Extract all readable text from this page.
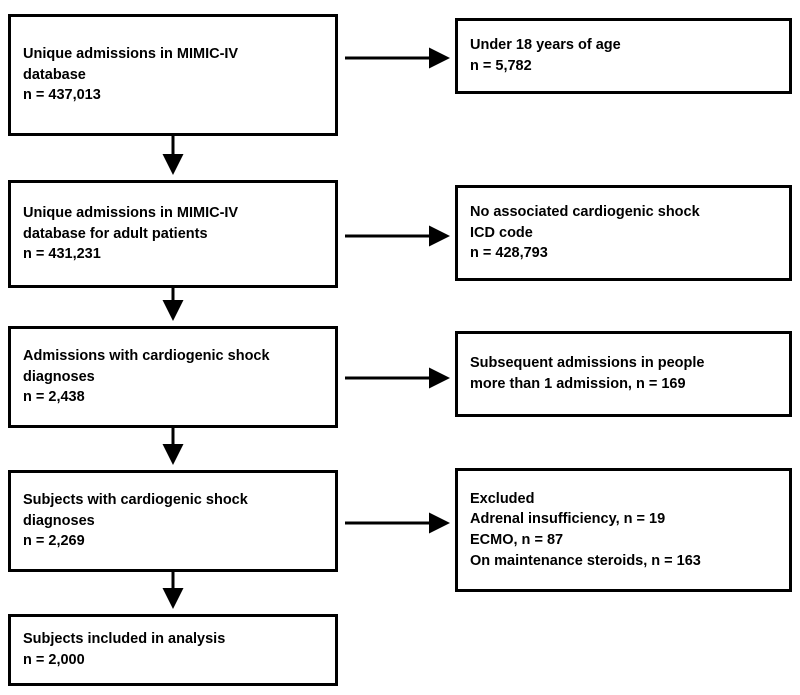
Unique admissions in MIMIC-IV
database
n = 437,013
Under 18 years of age
n = 5,782
Unique admissions in MIMIC-IV
database for adult patients
n = 431,231
No associated cardiogenic shock
ICD code
n = 428,793
Admissions with cardiogenic shock
diagnoses
n = 2,438
Subsequent admissions in people
more than 1 admission, n = 169
Subjects with cardiogenic shock
diagnoses
n = 2,269
Excluded
Adrenal insufficiency, n = 19
ECMO, n = 87
On maintenance steroids, n = 163
Subjects included in analysis
n = 2,000
